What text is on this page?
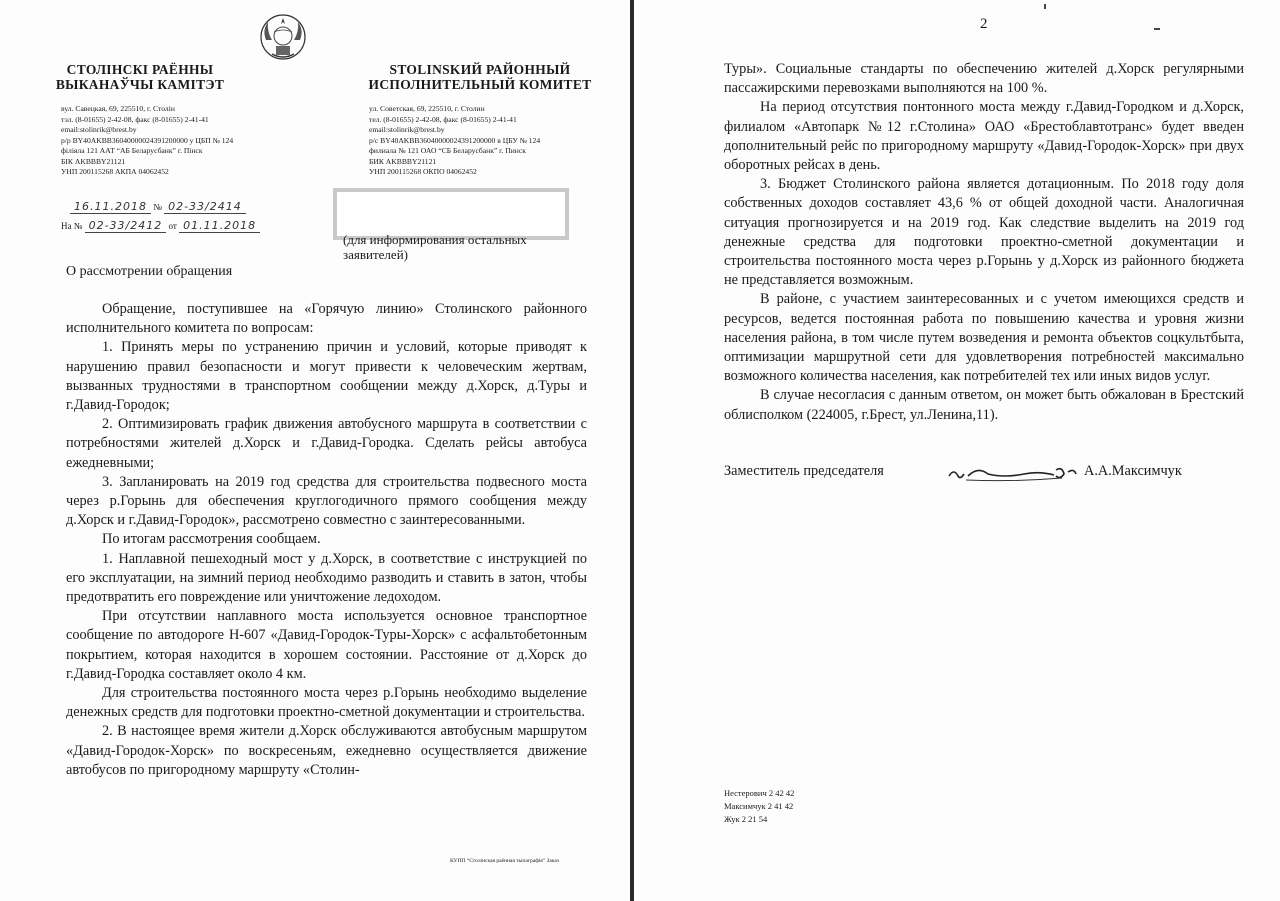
СТОЛІНСКІ РАЁННЫ
ВЫКАНАЎЧЫ КАМІТЭТ
STOLINSKИЙ РАЙОННЫЙ
ИСПОЛНИТЕЛЬНЫЙ КОМИТЕТ
вул. Савецкая, 69, 225510, г. Столін
тэл. (8-01655) 2-42-08, факс (8-01655) 2-41-41
email:stolinrik@brest.by
р/р BY40AKBB36040000024391200000 у ЦБП № 124
філіяла 121 ААТ “АБ Беларусбанк” г. Пінск
БІК AKBBBY21121
УНП 200115268 АКПА 04062452
ул. Советская, 69, 225510, г. Столин
тел. (8-01655) 2-42-08, факс (8-01655) 2-41-41
email:stolinrik@brest.by
р/с BY40AKBB36040000024391200000 в ЦБУ № 124
филиала № 121 ОАО “СБ Беларусбанк” г. Пинск
БИК AKBBBY21121
УНП 200115268 ОКПО 04062452
16.11.2018 № 02-33/2414
На № 02-33/2412 от 01.11.2018
(для информирования остальных заявителей)
О рассмотрении обращения

Обращение, поступившее на «Горячую линию» Столинского районного исполнительного комитета по вопросам:

1. Принять меры по устранению причин и условий, которые приводят к нарушению правил безопасности и могут привести к человеческим жертвам, вызванных трудностями в транспортном сообщении между д.Хорск, д.Туры и г.Давид-Городок;

2. Оптимизировать график движения автобусного маршрута в соответствии с потребностями жителей д.Хорск и г.Давид-Городка. Сделать рейсы автобуса ежедневными;

3. Запланировать на 2019 год средства для строительства подвесного моста через р.Горынь для обеспечения круглогодичного прямого сообщения между д.Хорск и г.Давид-Городок», рассмотрено совместно с заинтересованными.

По итогам рассмотрения сообщаем.

1. Наплавной пешеходный мост у д.Хорск, в соответствие с инструкцией по его эксплуатации, на зимний период необходимо разводить и ставить в затон, чтобы предотвратить его повреждение или уничтожение ледоходом.

При отсутствии наплавного моста используется основное транспортное сообщение по автодороге Н-607 «Давид-Городок-Туры-Хорск» с асфальтобетонным покрытием, которая находится в хорошем состоянии. Расстояние от д.Хорск до г.Давид-Городка составляет около 4 км.

Для строительства постоянного моста через р.Горынь необходимо выделение денежных средств для подготовки проектно-сметной документации и строительства.

2. В настоящее время жители д.Хорск обслуживаются автобусным маршрутом «Давид-Городок-Хорск» по воскресеньям, ежедневно осуществляется движение автобусов по пригородному маршруту «Столин-

КУПП “Столінская раённая тыпаграфія” Заказ
2

Туры». Социальные стандарты по обеспечению жителей д.Хорск регулярными пассажирскими перевозками выполняются на 100 %.

На период отсутствия понтонного моста между г.Давид-Городком и д.Хорск, филиалом «Автопарк №12 г.Столина» ОАО «Брестоблавтотранс» будет введен дополнительный рейс по пригородному маршруту «Давид-Городок-Хорск» при двух оборотных рейсах в день.

3. Бюджет Столинского района является дотационным. По 2018 году доля собственных доходов составляет 43,6 % от общей доходной части. Аналогичная ситуация прогнозируется и на 2019 год. Как следствие выделить на 2019 год денежные средства для подготовки проектно-сметной документации и строительства постоянного моста через р.Горынь у д.Хорск из районного бюджета не представляется возможным.

В районе, с участием заинтересованных и с учетом имеющихся средств и ресурсов, ведется постоянная работа по повышению качества и уровня жизни населения района, в том числе путем возведения и ремонта объектов соцкультбыта, оптимизации маршрутной сети для удовлетворения потребностей максимально возможного количества населения, как потребителей тех или иных видов услуг.

В случае несогласия с данным ответом, он может быть обжалован в Брестский облисполком (224005, г.Брест, ул.Ленина,11).

Заместитель председателя	А.А.Максимчук
Нестерович 2 42 42
Максимчук 2 41 42
Жук 2 21 54
